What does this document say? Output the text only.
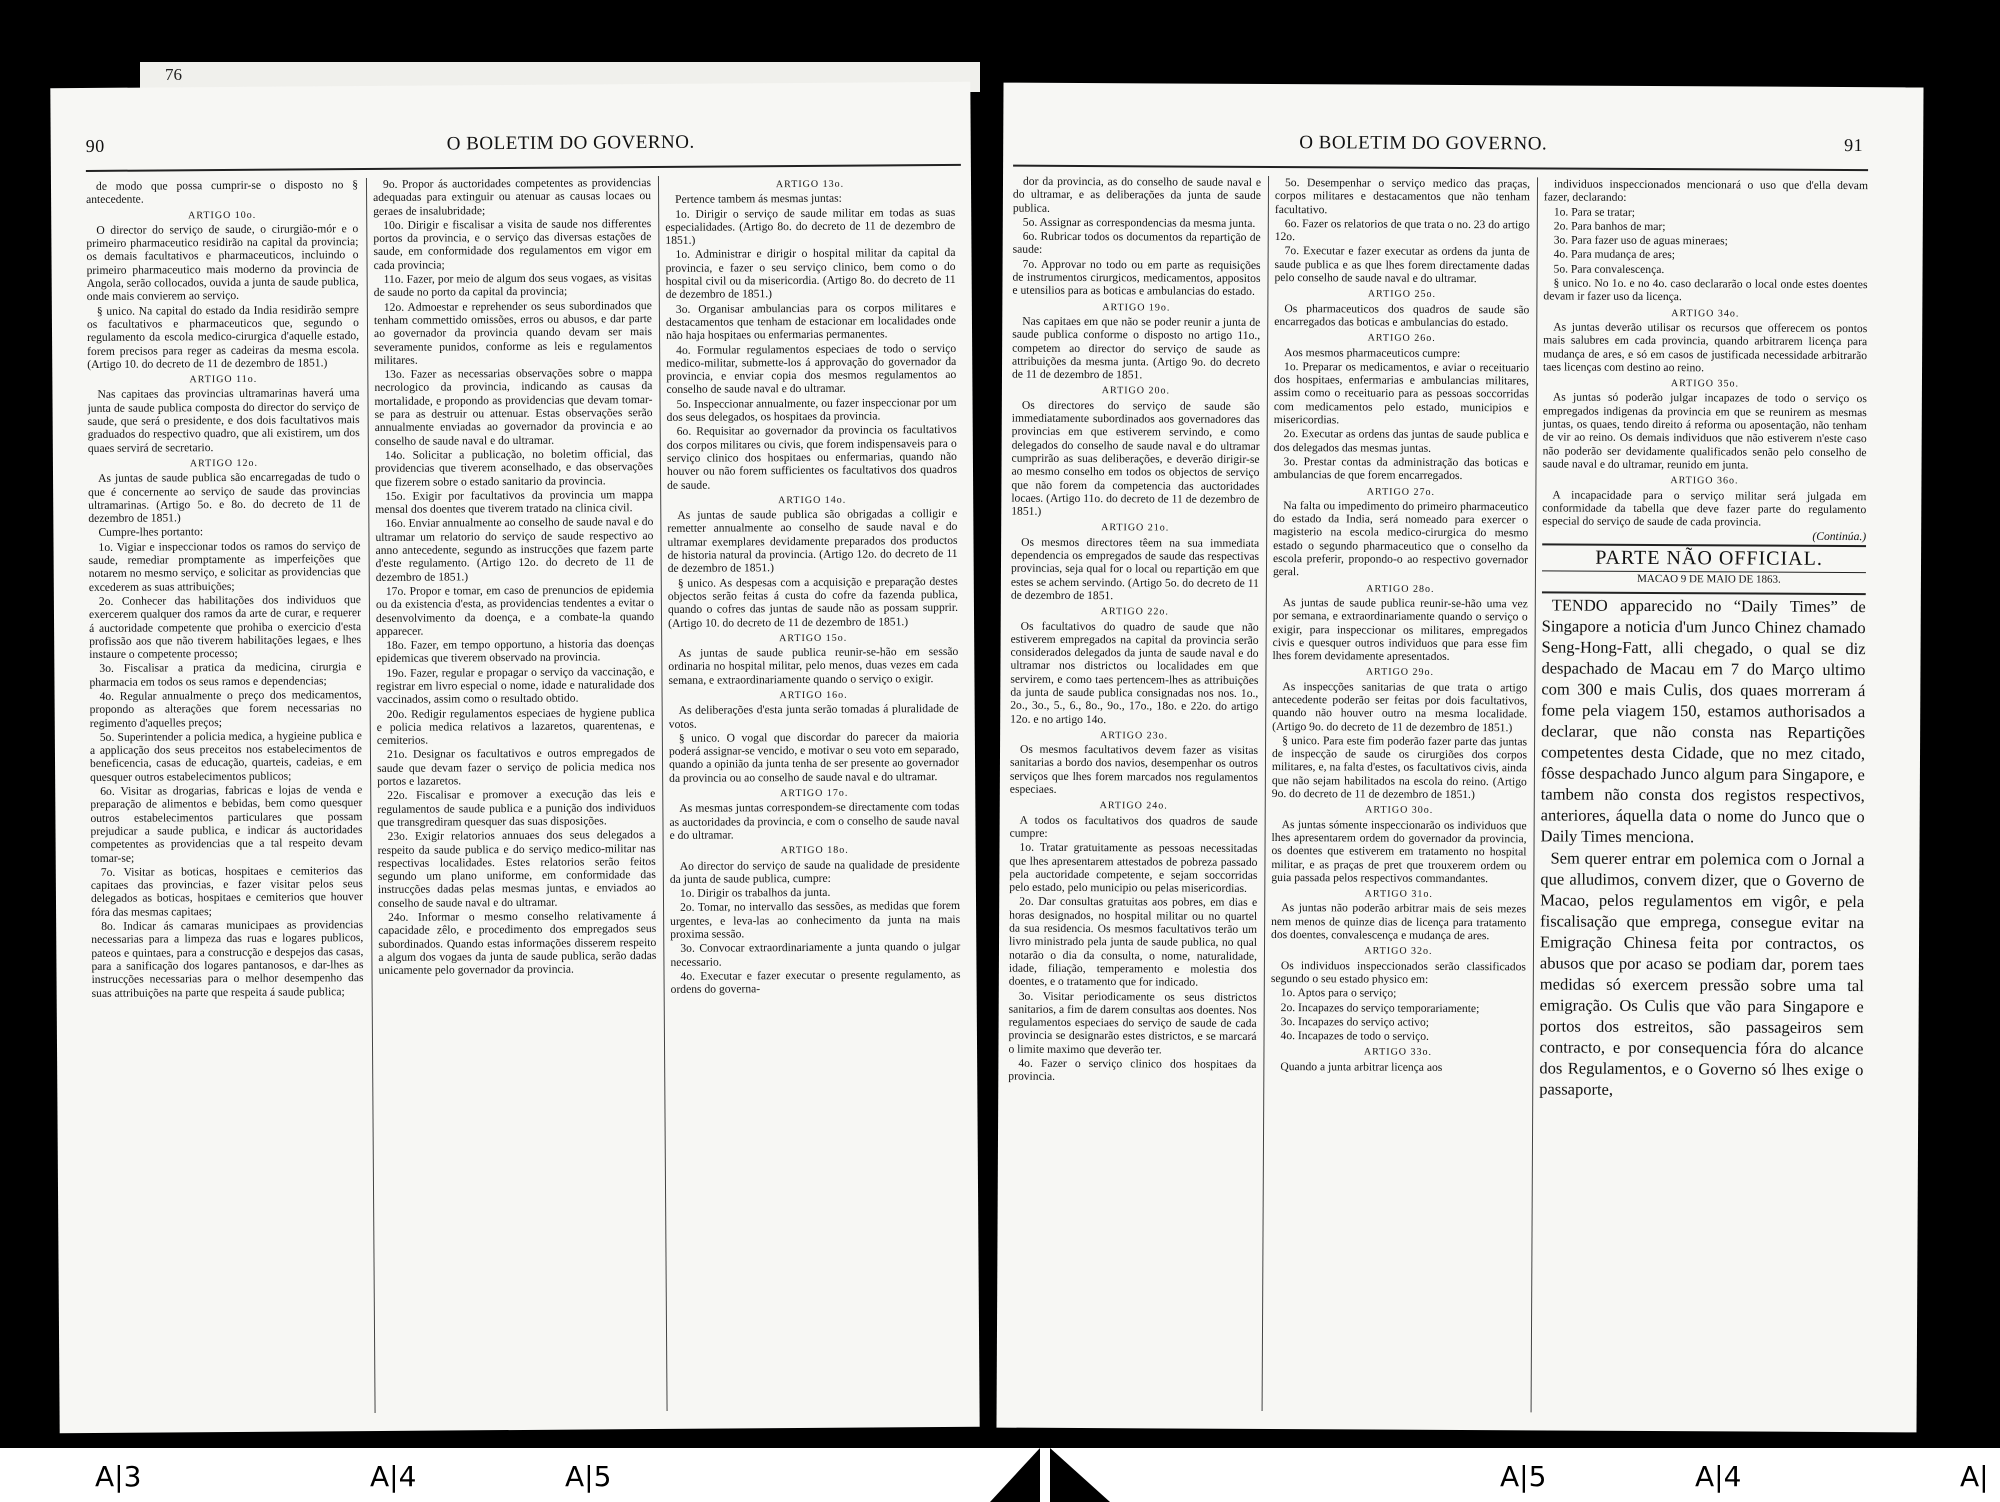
76
90	O BOLETIM DO GOVERNO.

de modo que possa cumprir-se o disposto no § antecedente.

ARTIGO 10o.

O director do serviço de saude, o cirurgião-mór e o primeiro pharmaceutico residirão na capital da provincia; os demais facultativos e pharmaceuticos, incluindo o primeiro pharmaceutico mais moderno da provincia de Angola, serão collocados, ouvida a junta de saude publica, onde mais convierem ao serviço.

§ unico. Na capital do estado da India residirão sempre os facultativos e pharmaceuticos que, segundo o regulamento da escola medico-cirurgica d'aquelle estado, forem precisos para reger as cadeiras da mesma escola. (Artigo 10. do decreto de 11 de dezembro de 1851.)

ARTIGO 11o.

Nas capitaes das provincias ultramarinas haverá uma junta de saude publica composta do director do serviço de saude, que será o presidente, e dos dois facultativos mais graduados do respectivo quadro, que ali existirem, um dos quaes servirá de secretario.

ARTIGO 12o.

As juntas de saude publica são encarregadas de tudo o que é concernente ao serviço de saude das provincias ultramarinas. (Artigo 5o. e 8o. do decreto de 11 de dezembro de 1851.)

Cumpre-lhes portanto:

1o. Vigiar e inspeccionar todos os ramos do serviço de saude, remediar promptamente as imperfeições que notarem no mesmo serviço, e solicitar as providencias que excederem as suas attribuições;

2o. Conhecer das habilitações dos individuos que exercerem qualquer dos ramos da arte de curar, e requerer á auctoridade competente que prohiba o exercicio d'esta profissão aos que não tiverem habilitações legaes, e lhes instaure o competente processo;

3o. Fiscalisar a pratica da medicina, cirurgia e pharmacia em todos os seus ramos e dependencias;

4o. Regular annualmente o preço dos medicamentos, propondo as alterações que forem necessarias no regimento d'aquelles preços;

5o. Superintender a policia medica, a hygieine publica e a applicação dos seus preceitos nos estabelecimentos de beneficencia, casas de educação, quarteis, cadeias, e em quesquer outros estabelecimentos publicos;

6o. Visitar as drogarias, fabricas e lojas de venda e preparação de alimentos e bebidas, bem como quesquer outros estabelecimentos particulares que possam prejudicar a saude publica, e indicar ás auctoridades competentes as providencias que a tal respeito devam tomar-se;

7o. Visitar as boticas, hospitaes e cemiterios das capitaes das provincias, e fazer visitar pelos seus delegados as boticas, hospitaes e cemiterios que houver fóra das mesmas capitaes;

8o. Indicar ás camaras municipaes as providencias necessarias para a limpeza das ruas e logares publicos, pateos e quintaes, para a construcção e despejos das casas, para a sanificação dos logares pantanosos, e dar-lhes as instrucções necessarias para o melhor desempenho das suas attribuições na parte que respeita á saude publica;

9o. Propor ás auctoridades competentes as providencias adequadas para extinguir ou atenuar as causas locaes ou geraes de insalubridade;

10o. Dirigir e fiscalisar a visita de saude nos differentes portos da provincia, e o serviço das diversas estações de saude, em conformidade dos regulamentos em vigor em cada provincia;

11o. Fazer, por meio de algum dos seus vogaes, as visitas de saude no porto da capital da provincia;

12o. Admoestar e reprehender os seus subordinados que tenham commettido omissões, erros ou abusos, e dar parte ao governador da provincia quando devam ser mais severamente punidos, conforme as leis e regulamentos militares.

13o. Fazer as necessarias observações sobre o mappa necrologico da provincia, indicando as causas da mortalidade, e propondo as providencias que devam tomar-se para as destruir ou attenuar. Estas observações serão annualmente enviadas ao governador da provincia e ao conselho de saude naval e do ultramar.

14o. Solicitar a publicação, no boletim official, das providencias que tiverem aconselhado, e das observações que fizerem sobre o estado sanitario da provincia.

15o. Exigir por facultativos da provincia um mappa mensal dos doentes que tiverem tratado na clinica civil.

16o. Enviar annualmente ao conselho de saude naval e do ultramar um relatorio do serviço de saude respectivo ao anno antecedente, segundo as instrucções que fazem parte d'este regulamento. (Artigo 12o. do decreto de 11 de dezembro de 1851.)

17o. Propor e tomar, em caso de prenuncios de epidemia ou da existencia d'esta, as providencias tendentes a evitar o desenvolvimento da doença, e a combate-la quando apparecer.

18o. Fazer, em tempo opportuno, a historia das doenças epidemicas que tiverem observado na provincia.

19o. Fazer, regular e propagar o serviço da vaccinação, e registrar em livro especial o nome, idade e naturalidade dos vaccinados, assim como o resultado obtido.

20o. Redigir regulamentos especiaes de hygiene publica e policia medica relativos a lazaretos, quarentenas, e cemiterios.

21o. Designar os facultativos e outros empregados de saude que devam fazer o serviço de policia medica nos portos e lazaretos.

22o. Fiscalisar e promover a execução das leis e regulamentos de saude publica e a punição dos individuos que transgrediram quesquer das suas disposições.

23o. Exigir relatorios annuaes dos seus delegados a respeito da saude publica e do serviço medico-militar nas respectivas localidades. Estes relatorios serão feitos segundo um plano uniforme, em conformidade das instrucções dadas pelas mesmas juntas, e enviados ao conselho de saude naval e do ultramar.

24o. Informar o mesmo conselho relativamente á capacidade zêlo, e procedimento dos empregados seus subordinados. Quando estas informações disserem respeito a algum dos vogaes da junta de saude publica, serão dadas unicamente pelo governador da provincia.

ARTIGO 13o.

Pertence tambem ás mesmas juntas:

1o. Dirigir o serviço de saude militar em todas as suas especialidades. (Artigo 8o. do decreto de 11 de dezembro de 1851.)

1o. Administrar e dirigir o hospital militar da capital da provincia, e fazer o seu serviço clinico, bem como o do hospital civil ou da misericordia. (Artigo 8o. do decreto de 11 de dezembro de 1851.)

3o. Organisar ambulancias para os corpos militares e destacamentos que tenham de estacionar em localidades onde não haja hospitaes ou enfermarias permanentes.

4o. Formular regulamentos especiaes de todo o serviço medico-militar, submette-los á approvação do governador da provincia, e enviar copia dos mesmos regulamentos ao conselho de saude naval e do ultramar.

5o. Inspeccionar annualmente, ou fazer inspeccionar por um dos seus delegados, os hospitaes da provincia.

6o. Requisitar ao governador da provincia os facultativos dos corpos militares ou civis, que forem indispensaveis para o serviço clinico dos hospitaes ou enfermarias, quando não houver ou não forem sufficientes os facultativos dos quadros de saude.

ARTIGO 14o.

As juntas de saude publica são obrigadas a colligir e remetter annualmente ao conselho de saude naval e do ultramar exemplares devidamente preparados dos productos de historia natural da provincia. (Artigo 12o. do decreto de 11 de dezembro de 1851.)

§ unico. As despesas com a acquisição e preparação destes objectos serão feitas á custa do cofre da fazenda publica, quando o cofres das juntas de saude não as possam supprir. (Artigo 10. do decreto de 11 de dezembro de 1851.)

ARTIGO 15o.

As juntas de saude publica reunir-se-hão em sessão ordinaria no hospital militar, pelo menos, duas vezes em cada semana, e extraordinariamente quando o serviço o exigir.

ARTIGO 16o.

As deliberações d'esta junta serão tomadas á pluralidade de votos.

§ unico. O vogal que discordar do parecer da maioria poderá assignar-se vencido, e motivar o seu voto em separado, quando a opinião da junta tenha de ser presente ao governador da provincia ou ao conselho de saude naval e do ultramar.

ARTIGO 17o.

As mesmas juntas correspondem-se directamente com todas as auctoridades da provincia, e com o conselho de saude naval e do ultramar.

ARTIGO 18o.

Ao director do serviço de saude na qualidade de presidente da junta de saude publica, cumpre:

1o. Dirigir os trabalhos da junta.

2o. Tomar, no intervallo das sessões, as medidas que forem urgentes, e leva-las ao conhecimento da junta na mais proxima sessão.

3o. Convocar extraordinariamente a junta quando o julgar necessario.

4o. Executar e fazer executar o presente regulamento, as ordens do governa-

O BOLETIM DO GOVERNO.	91

dor da provincia, as do conselho de saude naval e do ultramar, e as deliberações da junta de saude publica.

5o. Assignar as correspondencias da mesma junta.

6o. Rubricar todos os documentos da repartição de saude:

7o. Approvar no todo ou em parte as requisições de instrumentos cirurgicos, medicamentos, appositos e utensilios para as boticas e ambulancias do estado.

ARTIGO 19o.

Nas capitaes em que não se poder reunir a junta de saude publica conforme o disposto no artigo 11o., competem ao director do serviço de saude as attribuições da mesma junta. (Artigo 9o. do decreto de 11 de dezembro de 1851.

ARTIGO 20o.

Os directores do serviço de saude são immediatamente subordinados aos governadores das provincias em que estiverem servindo, e como delegados do conselho de saude naval e do ultramar cumprirão as suas deliberações, e deverão dirigir-se ao mesmo conselho em todos os objectos de serviço que não forem da competencia das auctoridades locaes. (Artigo 11o. do decreto de 11 de dezembro de 1851.)

ARTIGO 21o.

Os mesmos directores têem na sua immediata dependencia os empregados de saude das respectivas provincias, seja qual for o local ou repartição em que estes se achem servindo. (Artigo 5o. do decreto de 11 de dezembro de 1851.

ARTIGO 22o.

Os facultativos do quadro de saude que não estiverem empregados na capital da provincia serão considerados delegados da junta de saude naval e do ultramar nos districtos ou localidades em que servirem, e como taes pertencem-lhes as attribuições da junta de saude publica consignadas nos nos. 1o., 2o., 3o., 5., 6., 8o., 9o., 17o., 18o. e 22o. do artigo 12o. e no artigo 14o.

ARTIGO 23o.

Os mesmos facultativos devem fazer as visitas sanitarias a bordo dos navios, desempenhar os outros serviços que lhes forem marcados nos regulamentos especiaes.

ARTIGO 24o.

A todos os facultativos dos quadros de saude cumpre:

1o. Tratar gratuitamente as pessoas necessitadas que lhes apresentarem attestados de pobreza passado pela auctoridade competente, e sejam soccorridas pelo estado, pelo municipio ou pelas misericordias.

2o. Dar consultas gratuitas aos pobres, em dias e horas designados, no hospital militar ou no quartel da sua residencia. Os mesmos facultativos terão um livro ministrado pela junta de saude publica, no qual notarão o dia da consulta, o nome, naturalidade, idade, filiação, temperamento e molestia dos doentes, e o tratamento que for indicado.

3o. Visitar periodicamente os seus districtos sanitarios, a fim de darem consultas aos doentes. Nos regulamentos especiaes do serviço de saude de cada provincia se designarão estes districtos, e se marcará o limite maximo que deverão ter.

4o. Fazer o serviço clinico dos hospitaes da provincia.

5o. Desempenhar o serviço medico das praças, corpos militares e destacamentos que não tenham facultativo.

6o. Fazer os relatorios de que trata o no. 23 do artigo 12o.

7o. Executar e fazer executar as ordens da junta de saude publica e as que lhes forem directamente dadas pelo conselho de saude naval e do ultramar.

ARTIGO 25o.

Os pharmaceuticos dos quadros de saude são encarregados das boticas e ambulancias do estado.

ARTIGO 26o.

Aos mesmos pharmaceuticos cumpre:

1o. Preparar os medicamentos, e aviar o receituario dos hospitaes, enfermarias e ambulancias militares, assim como o receituario para as pessoas soccorridas com medicamentos pelo estado, municipios e misericordias.

2o. Executar as ordens das juntas de saude publica e dos delegados das mesmas juntas.

3o. Prestar contas da administração das boticas e ambulancias de que forem encarregados.

ARTIGO 27o.

Na falta ou impedimento do primeiro pharmaceutico do estado da India, será nomeado para exercer o magisterio na escola medico-cirurgica do mesmo estado o segundo pharmaceutico que o conselho da escola preferir, propondo-o ao respectivo governador geral.

ARTIGO 28o.

As juntas de saude publica reunir-se-hão uma vez por semana, e extraordinariamente quando o serviço o exigir, para inspeccionar os militares, empregados civis e quesquer outros individuos que para esse fim lhes forem devidamente apresentados.

ARTIGO 29o.

As inspecções sanitarias de que trata o artigo antecedente poderão ser feitas por dois facultativos, quando não houver outro na mesma localidade. (Artigo 9o. do decreto de 11 de dezembro de 1851.)

§ unico. Para este fim poderão fazer parte das juntas de inspecção de saude os cirurgiões dos corpos militares, e, na falta d'estes, os facultativos civis, ainda que não sejam habilitados na escola do reino. (Artigo 9o. do decreto de 11 de dezembro de 1851.)

ARTIGO 30o.

As juntas sómente inspeccionarão os individuos que lhes apresentarem ordem do governador da provincia, os doentes que estiverem em tratamento no hospital militar, e as praças de pret que trouxerem ordem ou guia passada pelos respectivos commandantes.

ARTIGO 31o.

As juntas não poderão arbitrar mais de seis mezes nem menos de quinze dias de licença para tratamento dos doentes, convalescença e mudança de ares.

ARTIGO 32o.

Os individuos inspeccionados serão classificados segundo o seu estado physico em:

1o. Aptos para o serviço;

2o. Incapazes do serviço temporariamente;

3o. Incapazes do serviço activo;

4o. Incapazes de todo o serviço.

ARTIGO 33o.

Quando a junta arbitrar licença aos

individuos inspeccionados mencionará o uso que d'ella devam fazer, declarando:

1o. Para se tratar;

2o. Para banhos de mar;

3o. Para fazer uso de aguas mineraes;

4o. Para mudança de ares;

5o. Para convalescença.

§ unico. No 1o. e no 4o. caso declararão o local onde estes doentes devam ir fazer uso da licença.

ARTIGO 34o.

As juntas deverão utilisar os recursos que offerecem os pontos mais salubres em cada provincia, quando arbitrarem licença para mudança de ares, e só em casos de justificada necessidade arbitrarão taes licenças com destino ao reino.

ARTIGO 35o.

As juntas só poderão julgar incapazes de todo o serviço os empregados indigenas da provincia em que se reunirem as mesmas juntas, os quaes, tendo direito á reforma ou aposentação, não tenham de vir ao reino. Os demais individuos que não estiverem n'este caso não poderão ser devidamente qualificados senão pelo conselho de saude naval e do ultramar, reunido em junta.

ARTIGO 36o.

A incapacidade para o serviço militar será julgada em conformidade da tabella que deve fazer parte do regulamento especial do serviço de saude de cada provincia.

(Continúa.)

PARTE NÃO OFFICIAL.

MACAO 9 DE MAIO DE 1863.

TENDO apparecido no “Daily Times” de Singapore a noticia d'um Junco Chinez chamado Seng-Hong-Fatt, alli chegado, o qual se diz despachado de Macau em 7 do Março ultimo com 300 e mais Culis, dos quaes morreram á fome pela viagem 150, estamos authorisados a declarar, que não consta nas Repartições competentes desta Cidade, que no mez citado, fôsse despachado Junco algum para Singapore, e tambem não consta dos registos respectivos, anteriores, áquella data o nome do Junco que o Daily Times menciona.

Sem querer entrar em polemica com o Jornal a que alludimos, convem dizer, que o Governo de Macao, pelos regulamentos em vigôr, e pela fiscalisação que emprega, consegue evitar na Emigração Chinesa feita por contractos, os abusos que por acaso se podiam dar, porem taes medidas só exercem pressão sobre uma tal emigração. Os Culis que vão para Singapore e portos dos estreitos, são passageiros sem contracto, e por consequencia fóra do alcance dos Regulamentos, e o Governo só lhes exige o passaporte,

A|3	A|4	A|5	A|5	A|4	A|
